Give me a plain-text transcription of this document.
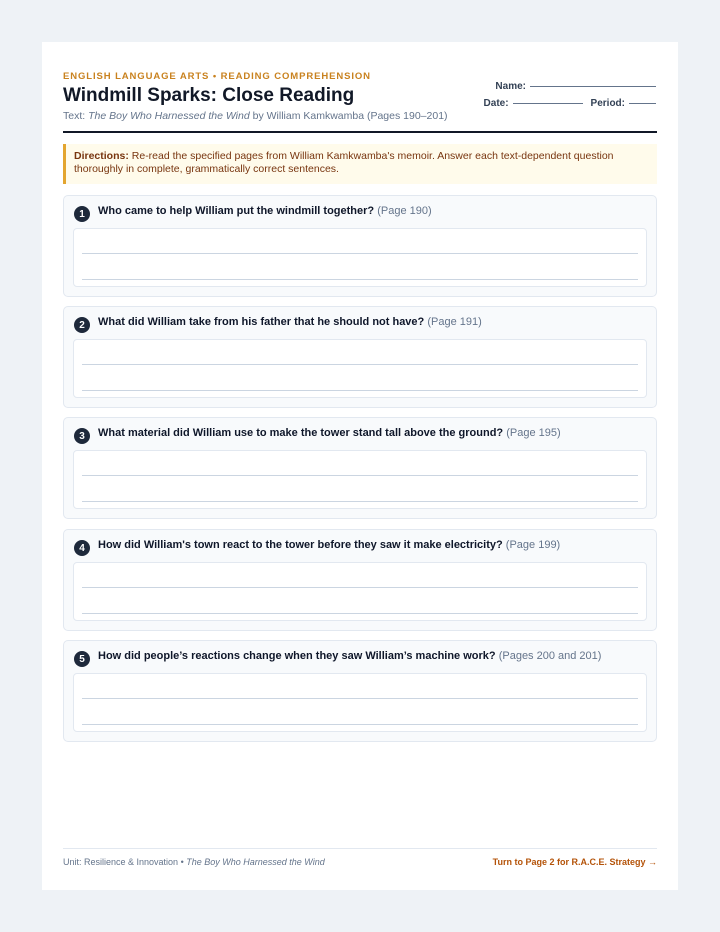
ENGLISH LANGUAGE ARTS • READING COMPREHENSION
Windmill Sparks: Close Reading
Text: The Boy Who Harnessed the Wind by William Kamkwamba (Pages 190–201)
Name:
Date:	Period:
Directions: Re-read the specified pages from William Kamkwamba's memoir. Answer each text-dependent question thoroughly in complete, grammatically correct sentences.
1	Who came to help William put the windmill together? (Page 190)
2	What did William take from his father that he should not have? (Page 191)
3	What material did William use to make the tower stand tall above the ground? (Page 195)
4	How did William's town react to the tower before they saw it make electricity? (Page 199)
5	How did people’s reactions change when they saw William’s machine work? (Pages 200 and 201)
Unit: Resilience & Innovation • The Boy Who Harnessed the Wind	Turn to Page 2 for R.A.C.E. Strategy →
